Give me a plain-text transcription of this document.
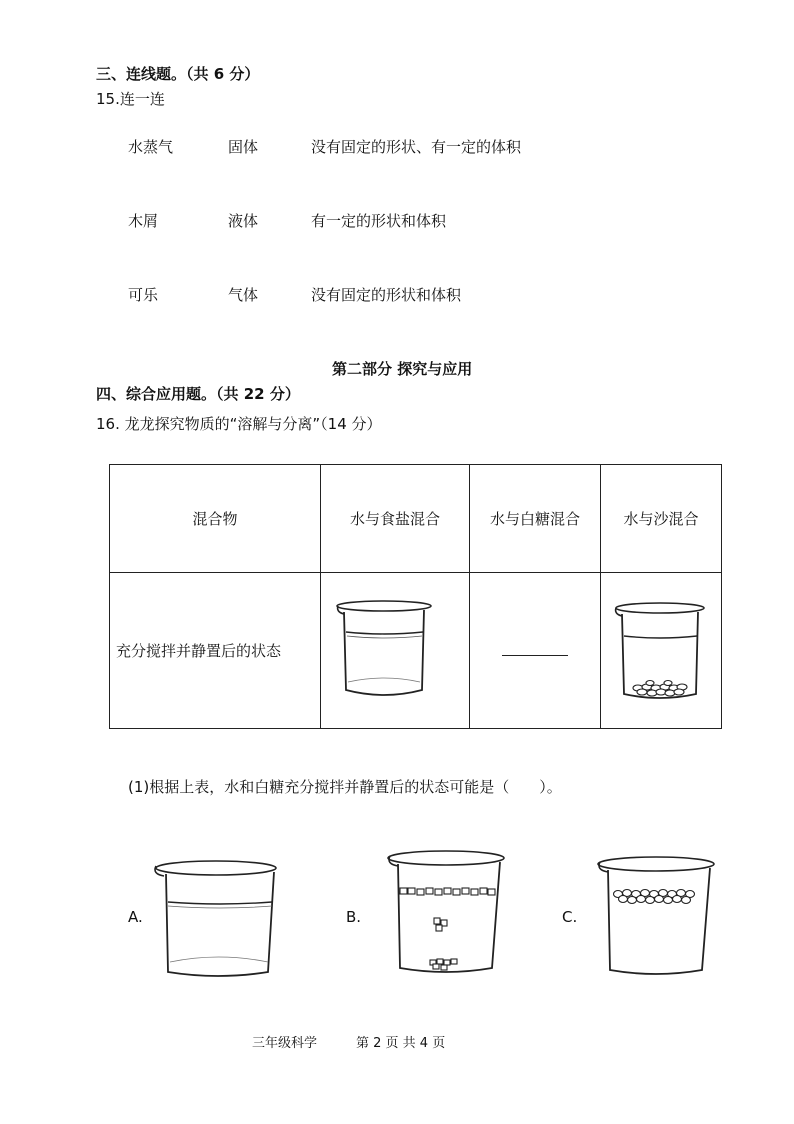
三、连线题。（共 6 分）
15.连一连
水蒸气	固体	没有固定的形状、有一定的体积
木屑	液体	有一定的形状和体积
可乐	气体	没有固定的形状和体积
第二部分 探究与应用
四、综合应用题。（共 22 分）
16. 龙龙探究物质的“溶解与分离”（14 分）
混合物	水与食盐混合	水与白糖混合	水与沙混合
充分搅拌并静置后的状态			
(1)根据上表，水和白糖充分搅拌并静置后的状态可能是（　　）。
A.	B.	C.
三年级科学	第 2 页 共 4 页
